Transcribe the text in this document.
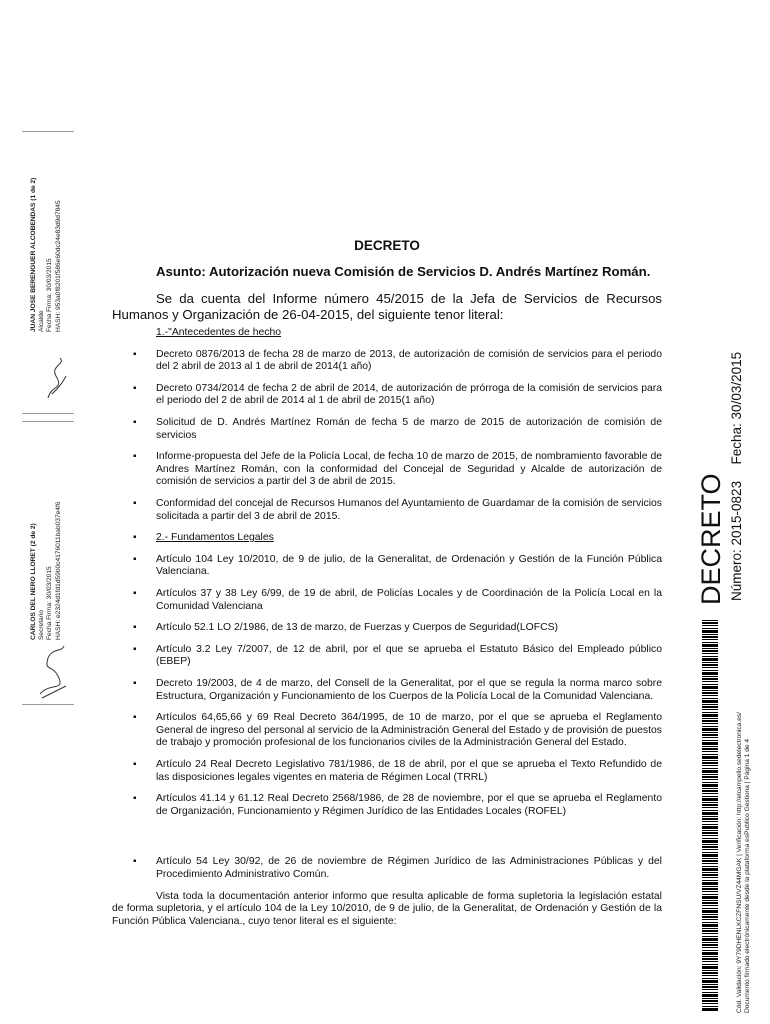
JUAN JOSE BERENGUER ALCOBENDAS (1 de 2) Alcalde Fecha Firma: 30/03/2015 HASH: 953a0f8201f586e60dc24e83d9d7845
CARLOS DEL NERO LLORET (2 de 2) Secretario Fecha Firma: 30/03/2015 HASH: e2324d1fd1d59b0c4176011bab037e4f6	DECRETO Número: 2015-0823 Fecha: 30/03/2015
Cód. Validación: 9Y79DHENLKCZFNSU/VZ44MGAK | Verificación: http://elcampello.sedelectronica.es/ Documento firmado electrónicamente desde la plataforma esPublico Gestiona | Página 1 de 4
DECRETO
Asunto: Autorización nueva Comisión de Servicios D. Andrés Martínez Román.
Se da cuenta del Informe número 45/2015 de la Jefa de Servicios de Recursos Humanos y Organización de 26-04-2015, del siguiente tenor literal:
1.-"Antecedentes de hecho
▪ Decreto 0876/2013 de fecha 28 de marzo de 2013, de autorización de comisión de servicios para el periodo del 2 abril de 2013 al 1 de abril de 2014(1 año)
▪ Decreto 0734/2014 de fecha 2 de abril de 2014, de autorización de prórroga de la comisión de servicios para el periodo del 2 de abril de 2014 al 1 de abril de 2015(1 año)
▪ Solicitud de D. Andrés Martínez Román de fecha 5 de marzo de 2015 de autorización de comisión de servicios
▪ Informe-propuesta del Jefe de la Policía Local, de fecha 10 de marzo de 2015, de nombramiento favorable de Andres Martínez Román, con la conformidad del Concejal de Seguridad y Alcalde de autorización de comisión de servicios a partir del 3 de abril de 2015.
▪ Conformidad del concejal de Recursos Humanos del Ayuntamiento de Guardamar de la comisión de servicios solicitada a partir del 3 de abril de 2015.
▪ 2.- Fundamentos Legales
▪ Artículo 104 Ley 10/2010, de 9 de julio, de la Generalitat, de Ordenación y Gestión de la Función Pública Valenciana.
▪ Artículos 37 y 38 Ley 6/99, de 19 de abril, de Policías Locales y de Coordinación de la Policía Local en la Comunidad Valenciana
▪ Artículo 52.1 LO 2/1986, de 13 de marzo, de Fuerzas y Cuerpos de Seguridad(LOFCS)
▪ Artículo 3.2 Ley 7/2007, de 12 de abril, por el que se aprueba el Estatuto Básico del Empleado público (EBEP)
▪ Decreto 19/2003, de 4 de marzo, del Consell de la Generalitat, por el que se regula la norma marco sobre Estructura, Organización y Funcionamiento de los Cuerpos de la Policía Local de la Comunidad Valenciana.
▪ Artículos 64,65,66 y 69 Real Decreto 364/1995, de 10 de marzo, por el que se aprueba el Reglamento General de ingreso del personal al servicio de la Administración General del Estado y de provisión de puestos de trabajo y promoción profesional de los funcionarios civiles de la Administración General del Estado.
▪ Artículo 24 Real Decreto Legislativo 781/1986, de 18 de abril, por el que se aprueba el Texto Refundido de las disposiciones legales vigentes en materia de Régimen Local (TRRL)
▪ Artículos 41.14 y 61.12 Real Decreto 2568/1986, de 28 de noviembre, por el que se aprueba el Reglamento de Organización, Funcionamiento y Régimen Jurídico de las Entidades Locales (ROFEL)
▪ Artículo 54 Ley 30/92, de 26 de noviembre de Régimen Jurídico de las Administraciones Públicas y del Procedimiento Administrativo Común.
Vista toda la documentación anterior informo que resulta aplicable de forma supletoria la legislación estatal de forma supletoria, y el artículo 104 de la Ley 10/2010, de 9 de julio, de la Generalitat, de Ordenación y Gestión de la Función Pública Valenciana., cuyo tenor literal es el siguiente:
